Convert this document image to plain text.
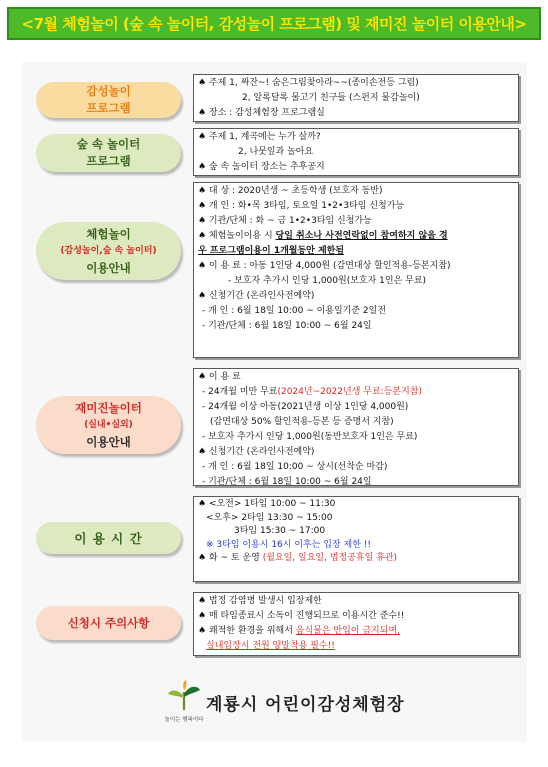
<7월 체험놀이 (숲 속 놀이터, 감성놀이 프로그램) 및 재미진 놀이터 이용안내>
감성놀이
프로그램
♠ 주제 1, 짜잔~! 숨은그림찾아라~~(종이손전등 그림)
2, 알록달록 물고기 친구들 (스펀지 물감놀이)
♠ 장소 : 감성체험장 프로그램실
숲 속 놀이터
프로그램
♠ 주제 1, 계곡에는 누가 살까?
2, 나뭇잎과 놀아요
♠ 숲 속 놀이터 장소는 추후공지
체험놀이
(감성놀이,숲 속 놀이터)
이용안내
♠ 대 상 : 2020년생 ~ 초등학생 (보호자 동반)
♠ 개 인 : 화•목 3타임, 토요일 1•2•3타임 신청가능
♠ 기관/단체 : 화 ~ 금 1•2•3타임 신청가능
♠ 체험놀이이용 시 당일 취소나 사전연락없이 참여하지 않을 경
우 프로그램이용이 1개월동안 제한됨
♠ 이 용 료 : 아동 1인당 4,000원 (감면대상 할인적용-등본지참)
- 보호자 추가시 인당 1,000원(보호자 1인은 무료)
♠ 신청기간 (온라인사전예약)
- 개 인 : 6월 18일 10:00 ~ 이용일기준 2일전
- 기관/단체 : 6월 18일 10:00 ~ 6월 24일
재미진놀이터
(실내•실외)
이용안내
♠ 이 용 료
- 24개월 미만 무료(2024년~2022년생 무료:등본지참)
- 24개월 이상 아동(2021년생 이상 1인당 4,000원)
(감면대상 50% 할인적용-등본 등 증명서 지참)
- 보호자 추가시 인당 1,000원(동반보호자 1인은 무료)
♠ 신청기간 (온라인사전예약)
- 개 인 : 6월 18일 10:00 ~ 상시(선착순 마감)
- 기관/단체 : 6월 18일 10:00 ~ 6월 24일
이 용 시 간
♠ <오전> 1타임 10:00 ~ 11:30
<오후> 2타임 13:30 ~ 15:00
3타임 15:30 ~ 17:00
※ 3타임 이용시 16시 이후는 입장 제한 !!
♠ 화 ~ 토 운영 (월요일, 일요일, 법정공휴일 휴관)
신청시 주의사항
♠ 법정 감염병 발생시 입장제한
♠ 매 타임종료시 소독이 진행되므로 이용시간 준수!!
♠ 쾌적한 환경을 위해서 음식물은 반입이 금지되며,
실내입장시 전원 양말착용 필수!!
놀이는 행복이다
계룡시 어린이감성체험장
